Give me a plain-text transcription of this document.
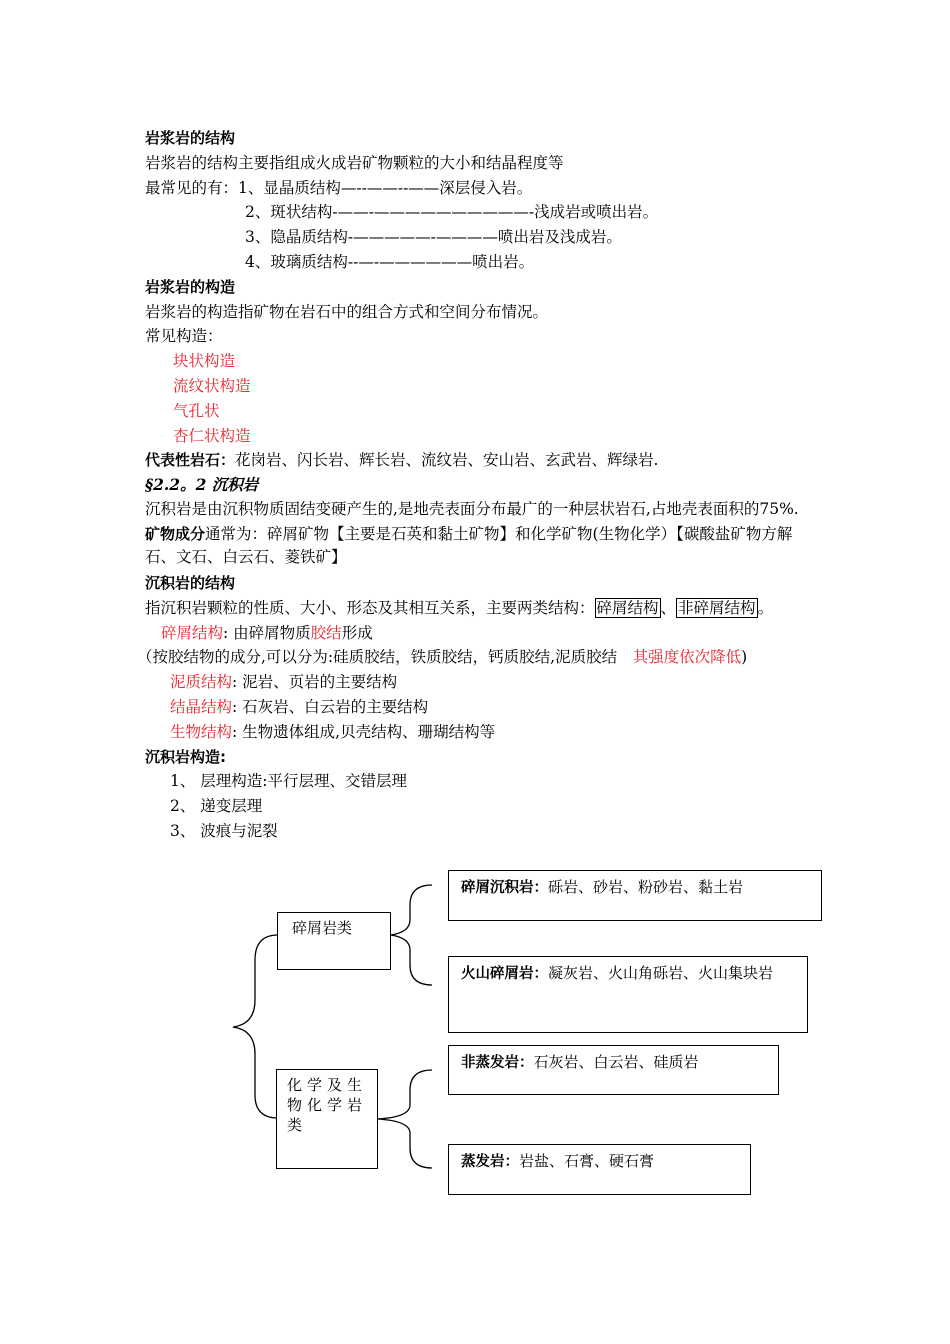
岩浆岩的结构
岩浆岩的结构主要指组成火成岩矿物颗粒的大小和结晶程度等
最常见的有：1、显晶质结构—--——--——深层侵入岩。
2、斑状结构-——-——————————-浅成岩或喷出岩。
3、隐晶质结构-—————-————喷出岩及浅成岩。
4、玻璃质结构--—-——————喷出岩。
岩浆岩的构造
岩浆岩的构造指矿物在岩石中的组合方式和空间分布情况。
常见构造：
块状构造
流纹状构造
气孔状
杏仁状构造
代表性岩石：花岗岩、闪长岩、辉长岩、流纹岩、安山岩、玄武岩、辉绿岩.
§2.2。2 沉积岩
沉积岩是由沉积物质固结变硬产生的,是地壳表面分布最广的一种层状岩石,占地壳表面积的75%.
矿物成分通常为：碎屑矿物【主要是石英和黏土矿物】和化学矿物(生物化学）【碳酸盐矿物方解石、文石、白云石、菱铁矿】
沉积岩的结构
指沉积岩颗粒的性质、大小、形态及其相互关系，主要两类结构： 碎屑结构 、 非碎屑结构 。
碎屑结构: 由碎屑物质胶结形成
（按胶结物的成分,可以分为:硅质胶结，铁质胶结，钙质胶结,泥质胶结　其强度依次降低)
泥质结构: 泥岩、页岩的主要结构
结晶结构: 石灰岩、白云岩的主要结构
生物结构: 生物遗体组成,贝壳结构、珊瑚结构等
沉积岩构造:
1、 层理构造:平行层理、交错层理
2、 递变层理
3、 波痕与泥裂
碎屑岩类
化学及生物化学岩类
碎屑沉积岩：砾岩、砂岩、粉砂岩、黏土岩
火山碎屑岩：凝灰岩、火山角砾岩、火山集块岩
非蒸发岩：石灰岩、白云岩、硅质岩
蒸发岩：岩盐、石膏、硬石膏
